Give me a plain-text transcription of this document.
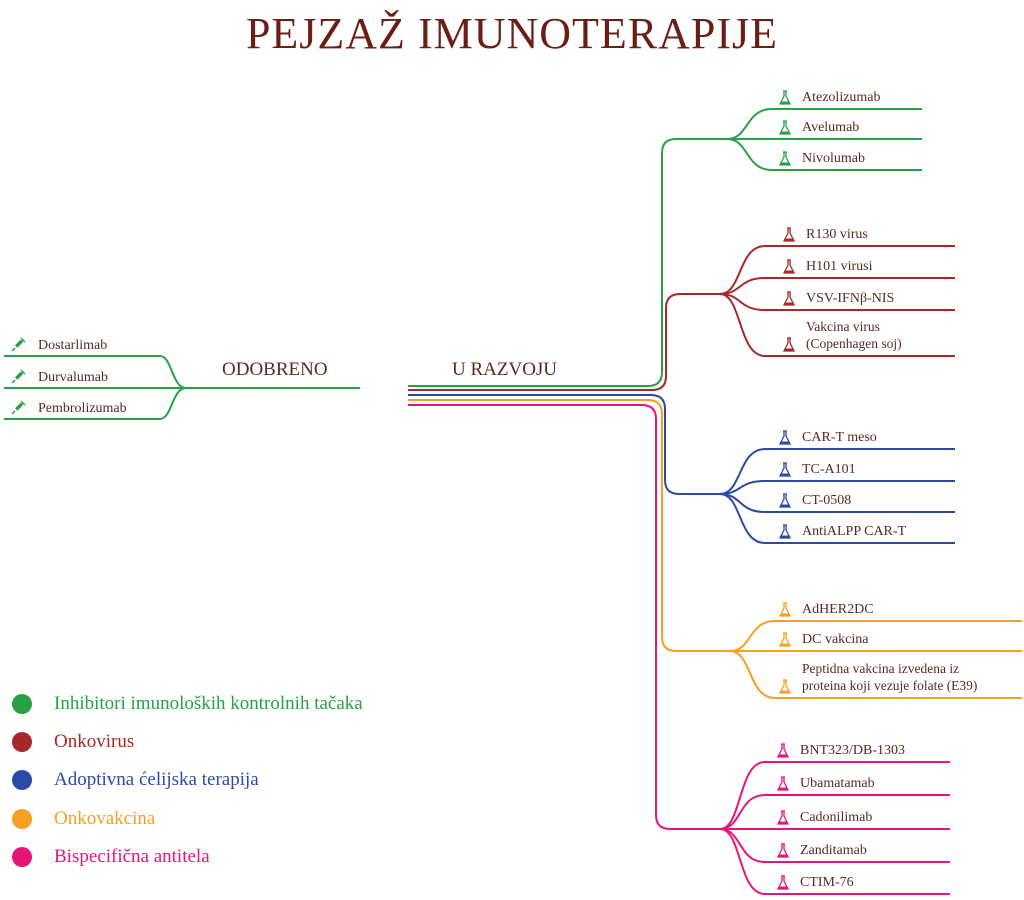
PEJZAŽ IMUNOTERAPIJE
ODOBRENO	U RAZVOJU
Dostarlimab
Durvalumab
Pembrolizumab
Atezolizumab
Avelumab
Nivolumab
R130 virus
H101 virusi
VSV-IFNβ-NIS
Vakcina virus
(Copenhagen soj)
CAR-T meso
TC-A101
CT-0508
AntiALPP CAR-T
AdHER2DC
DC vakcina
Peptidna vakcina izvedena iz
proteina koji vezuje folate (E39)
BNT323/DB-1303
Ubamatamab
Cadonilimab
Zanditamab
CTIM-76
Inhibitori imunoloških kontrolnih tačaka
Onkovirus
Adoptivna ćelijska terapija
Onkovakcina
Bispecifična antitela
